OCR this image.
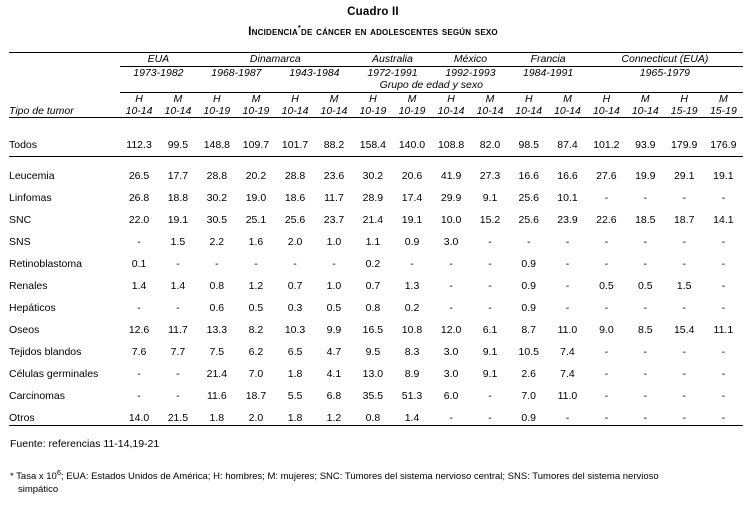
Cuadro II
Incidencia*de cáncer en adolescentes según sexo

	EUA		Dinamarca				Australia		México		Francia		Connecticut (EUA)			

	1973-1982		1968-1987		1943-1984		1972-1991		1992-1993		1984-1991		1965-1979			

	Grupo de edad y sexo															

	H	M	H	M	H	M	H	M	H	M	H	M	H	M	H	M
Tipo de tumor	10-14	10-14	10-19	10-19	10-14	10-14	10-19	10-19	10-14	10-14	10-14	10-14	10-14	10-14	15-19	15-19
Todos	112.3	99.5	148.8	109.7	101.7	88.2	158.4	140.0	108.8	82.0	98.5	87.4	101.2	93.9	179.9	176.9
Leucemia	26.5	17.7	28.8	20.2	28.8	23.6	30.2	20.6	41.9	27.3	16.6	16.6	27.6	19.9	29.1	19.1
Linfomas	26.8	18.8	30.2	19.0	18.6	11.7	28.9	17.4	29.9	9.1	25.6	10.1	-	-	-	-
SNC	22.0	19.1	30.5	25.1	25.6	23.7	21.4	19.1	10.0	15.2	25.6	23.9	22.6	18.5	18.7	14.1
SNS	-	1.5	2.2	1.6	2.0	1.0	1.1	0.9	3.0	-	-	-	-	-	-	-
Retinoblastoma	0.1	-	-	-	-	-	0.2	-	-	-	0.9	-	-	-	-	-
Renales	1.4	1.4	0.8	1.2	0.7	1.0	0.7	1.3	-	-	0.9	-	0.5	0.5	1.5	-
Hepáticos	-	-	0.6	0.5	0.3	0.5	0.8	0.2	-	-	0.9	-	-	-	-	-
Oseos	12.6	11.7	13.3	8.2	10.3	9.9	16.5	10.8	12.0	6.1	8.7	11.0	9.0	8.5	15.4	11.1
Tejidos blandos	7.6	7.7	7.5	6.2	6.5	4.7	9.5	8.3	3.0	9.1	10.5	7.4	-	-	-	-
Células germinales	-	-	21.4	7.0	1.8	4.1	13.0	8.9	3.0	9.1	2.6	7.4	-	-	-	-
Carcinomas	-	-	11.6	18.7	5.5	6.8	35.5	51.3	6.0	-	7.0	11.0	-	-	-	-
Otros	14.0	21.5	1.8	2.0	1.8	1.2	0.8	1.4	-	-	0.9	-	-	-	-	-
Fuente: referencias 11-14,19-21
* Tasa x $10^6$; EUA: Estados Unidos de América; H: hombres; M: mujeres; SNC: Tumores del sistema nervioso central; SNS: Tumores del sistema nervioso
simpático
